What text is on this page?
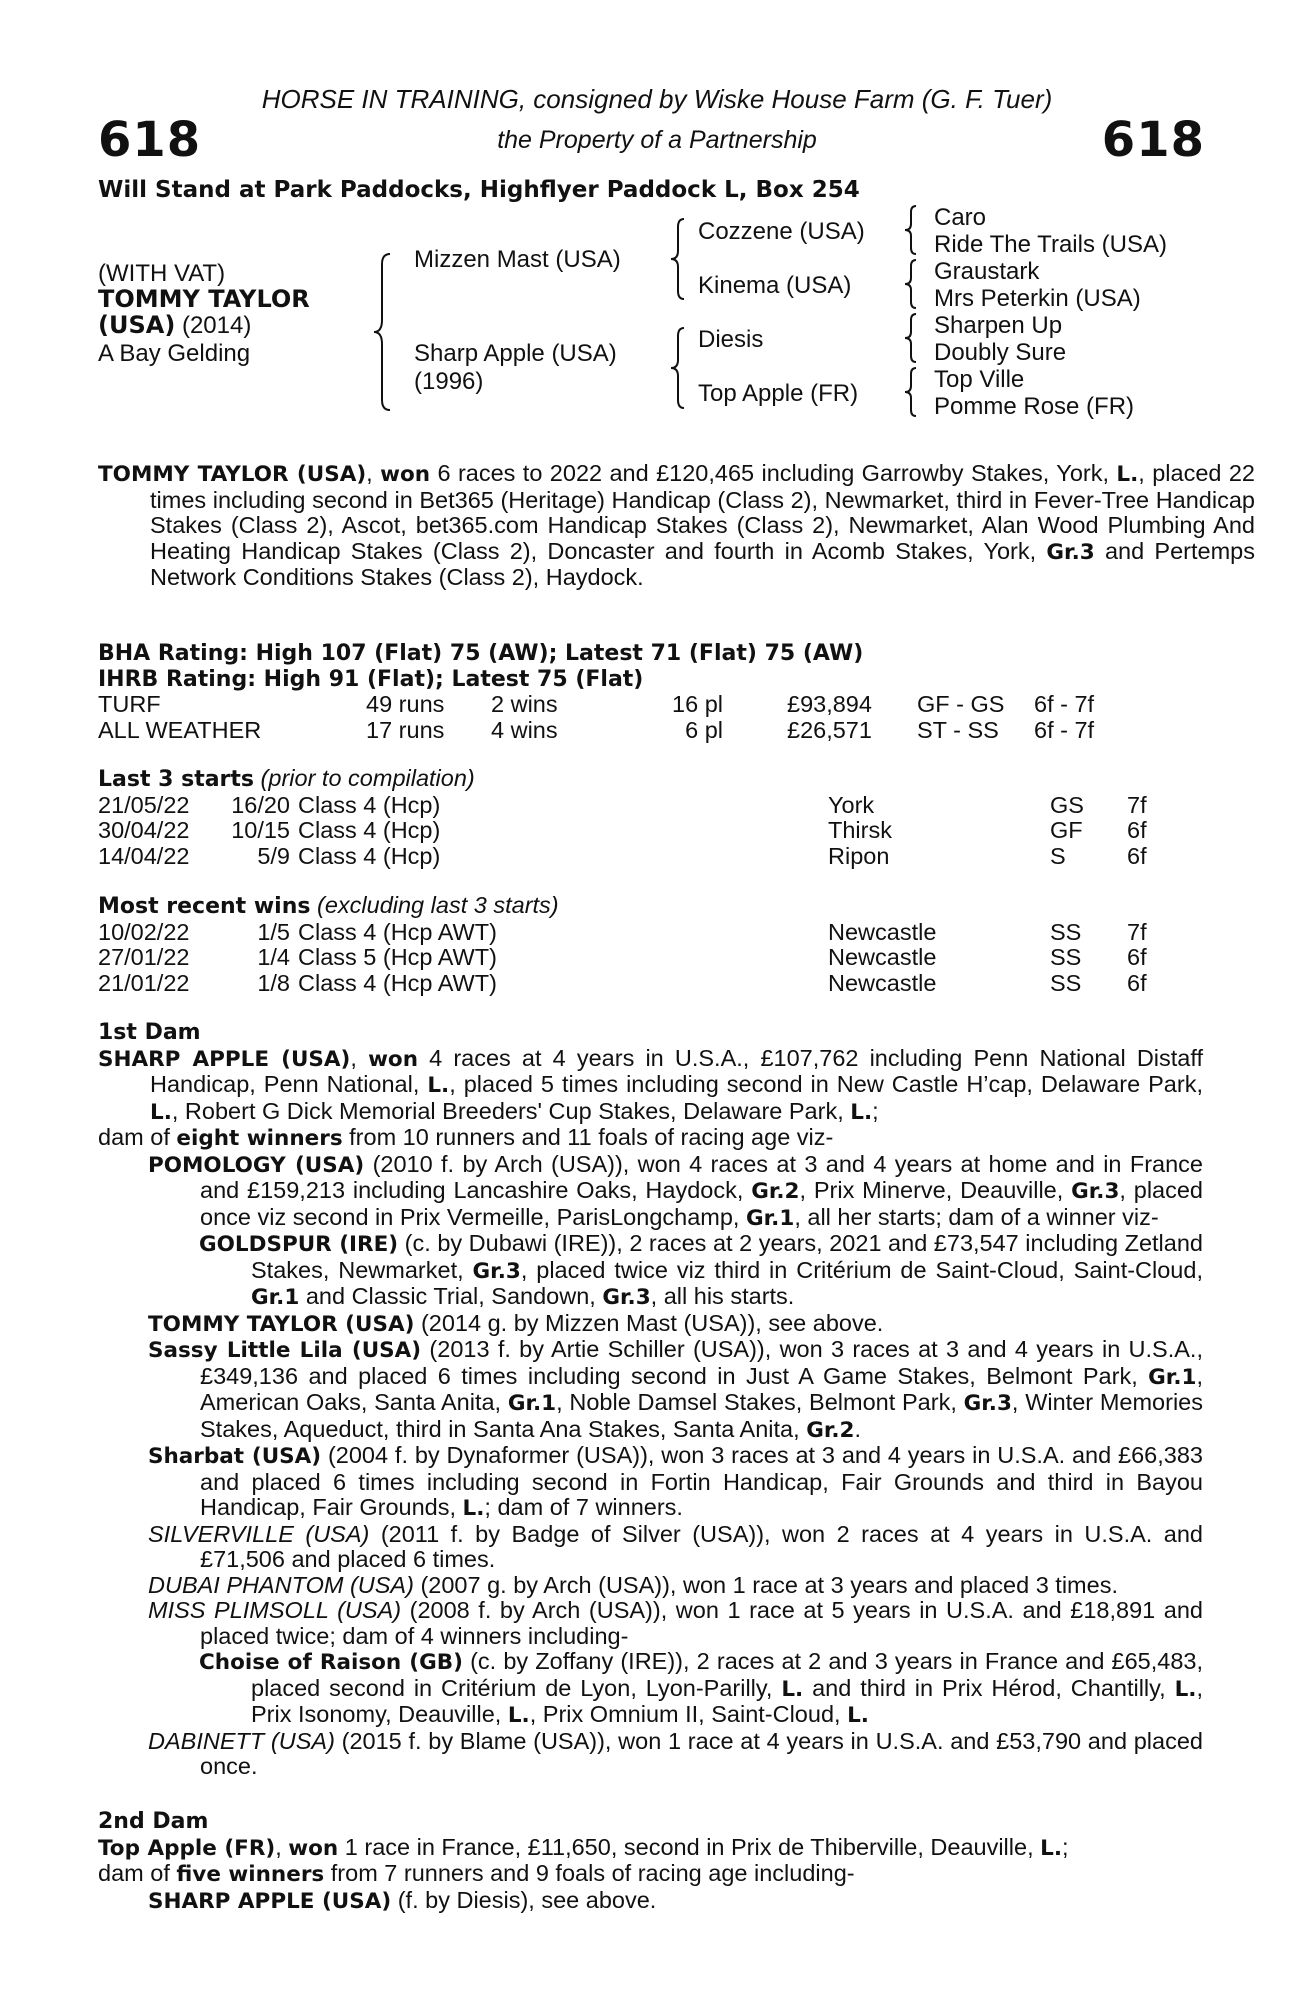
618	618
HORSE IN TRAINING, consigned by Wiske House Farm (G. F. Tuer)
the Property of a Partnership
Will Stand at Park Paddocks, Highflyer Paddock L, Box 254
(WITH VAT)
TOMMY TAYLOR
(USA) (2014)
A Bay Gelding
Mizzen Mast (USA)
Sharp Apple (USA)
(1996)
Cozzene (USA)
Kinema (USA)
Diesis
Top Apple (FR)
Caro
Ride The Trails (USA)
Graustark
Mrs Peterkin (USA)
Sharpen Up
Doubly Sure
Top Ville
Pomme Rose (FR)
TOMMY TAYLOR (USA), won 6 races to 2022 and £120,465 including Garrowby Stakes, York, L., placed 22 times including second in Bet365 (Heritage) Handicap (Class 2), Newmarket, third in Fever-Tree Handicap Stakes (Class 2), Ascot, bet365.com Handicap Stakes (Class 2), Newmarket, Alan Wood Plumbing And Heating Handicap Stakes (Class 2), Doncaster and fourth in Acomb Stakes, York, Gr.3 and Pertemps Network Conditions Stakes (Class 2), Haydock.
BHA Rating: High 107 (Flat) 75 (AW); Latest 71 (Flat) 75 (AW)
IHRB Rating: High 91 (Flat); Latest 75 (Flat)
TURF	49 runs	2 wins	16 pl	£93,894	GF - GS	6f - 7f
ALL WEATHER	17 runs	4 wins	6 pl	£26,571	ST - SS	6f - 7f
Last 3 starts (prior to compilation)
21/05/22	16/20	Class 4 (Hcp)	York	GS	7f
30/04/22	10/15	Class 4 (Hcp)	Thirsk	GF	6f
14/04/22	5/9	Class 4 (Hcp)	Ripon	S	6f
Most recent wins (excluding last 3 starts)
10/02/22	1/5	Class 4 (Hcp AWT)	Newcastle	SS	7f
27/01/22	1/4	Class 5 (Hcp AWT)	Newcastle	SS	6f
21/01/22	1/8	Class 4 (Hcp AWT)	Newcastle	SS	6f
1st Dam
SHARP APPLE (USA), won 4 races at 4 years in U.S.A., £107,762 including Penn National Distaff Handicap, Penn National, L., placed 5 times including second in New Castle H’cap, Delaware Park, L., Robert G Dick Memorial Breeders' Cup Stakes, Delaware Park, L.;
dam of eight winners from 10 runners and 11 foals of racing age viz-
POMOLOGY (USA) (2010 f. by Arch (USA)), won 4 races at 3 and 4 years at home and in France and £159,213 including Lancashire Oaks, Haydock, Gr.2, Prix Minerve, Deauville, Gr.3, placed once viz second in Prix Vermeille, ParisLongchamp, Gr.1, all her starts; dam of a winner viz-
GOLDSPUR (IRE) (c. by Dubawi (IRE)), 2 races at 2 years, 2021 and £73,547 including Zetland Stakes, Newmarket, Gr.3, placed twice viz third in Critérium de Saint-Cloud, Saint-Cloud, Gr.1 and Classic Trial, Sandown, Gr.3, all his starts.
TOMMY TAYLOR (USA) (2014 g. by Mizzen Mast (USA)), see above.
Sassy Little Lila (USA) (2013 f. by Artie Schiller (USA)), won 3 races at 3 and 4 years in U.S.A., £349,136 and placed 6 times including second in Just A Game Stakes, Belmont Park, Gr.1, American Oaks, Santa Anita, Gr.1, Noble Damsel Stakes, Belmont Park, Gr.3, Winter Memories Stakes, Aqueduct, third in Santa Ana Stakes, Santa Anita, Gr.2.
Sharbat (USA) (2004 f. by Dynaformer (USA)), won 3 races at 3 and 4 years in U.S.A. and £66,383 and placed 6 times including second in Fortin Handicap, Fair Grounds and third in Bayou Handicap, Fair Grounds, L.; dam of 7 winners.
SILVERVILLE (USA) (2011 f. by Badge of Silver (USA)), won 2 races at 4 years in U.S.A. and £71,506 and placed 6 times.
DUBAI PHANTOM (USA) (2007 g. by Arch (USA)), won 1 race at 3 years and placed 3 times.
MISS PLIMSOLL (USA) (2008 f. by Arch (USA)), won 1 race at 5 years in U.S.A. and £18,891 and placed twice; dam of 4 winners including-
Choise of Raison (GB) (c. by Zoffany (IRE)), 2 races at 2 and 3 years in France and £65,483, placed second in Critérium de Lyon, Lyon-Parilly, L. and third in Prix Hérod, Chantilly, L., Prix Isonomy, Deauville, L., Prix Omnium II, Saint-Cloud, L.
DABINETT (USA) (2015 f. by Blame (USA)), won 1 race at 4 years in U.S.A. and £53,790 and placed once.
2nd Dam
Top Apple (FR), won 1 race in France, £11,650, second in Prix de Thiberville, Deauville, L.;
dam of five winners from 7 runners and 9 foals of racing age including-
SHARP APPLE (USA) (f. by Diesis), see above.
